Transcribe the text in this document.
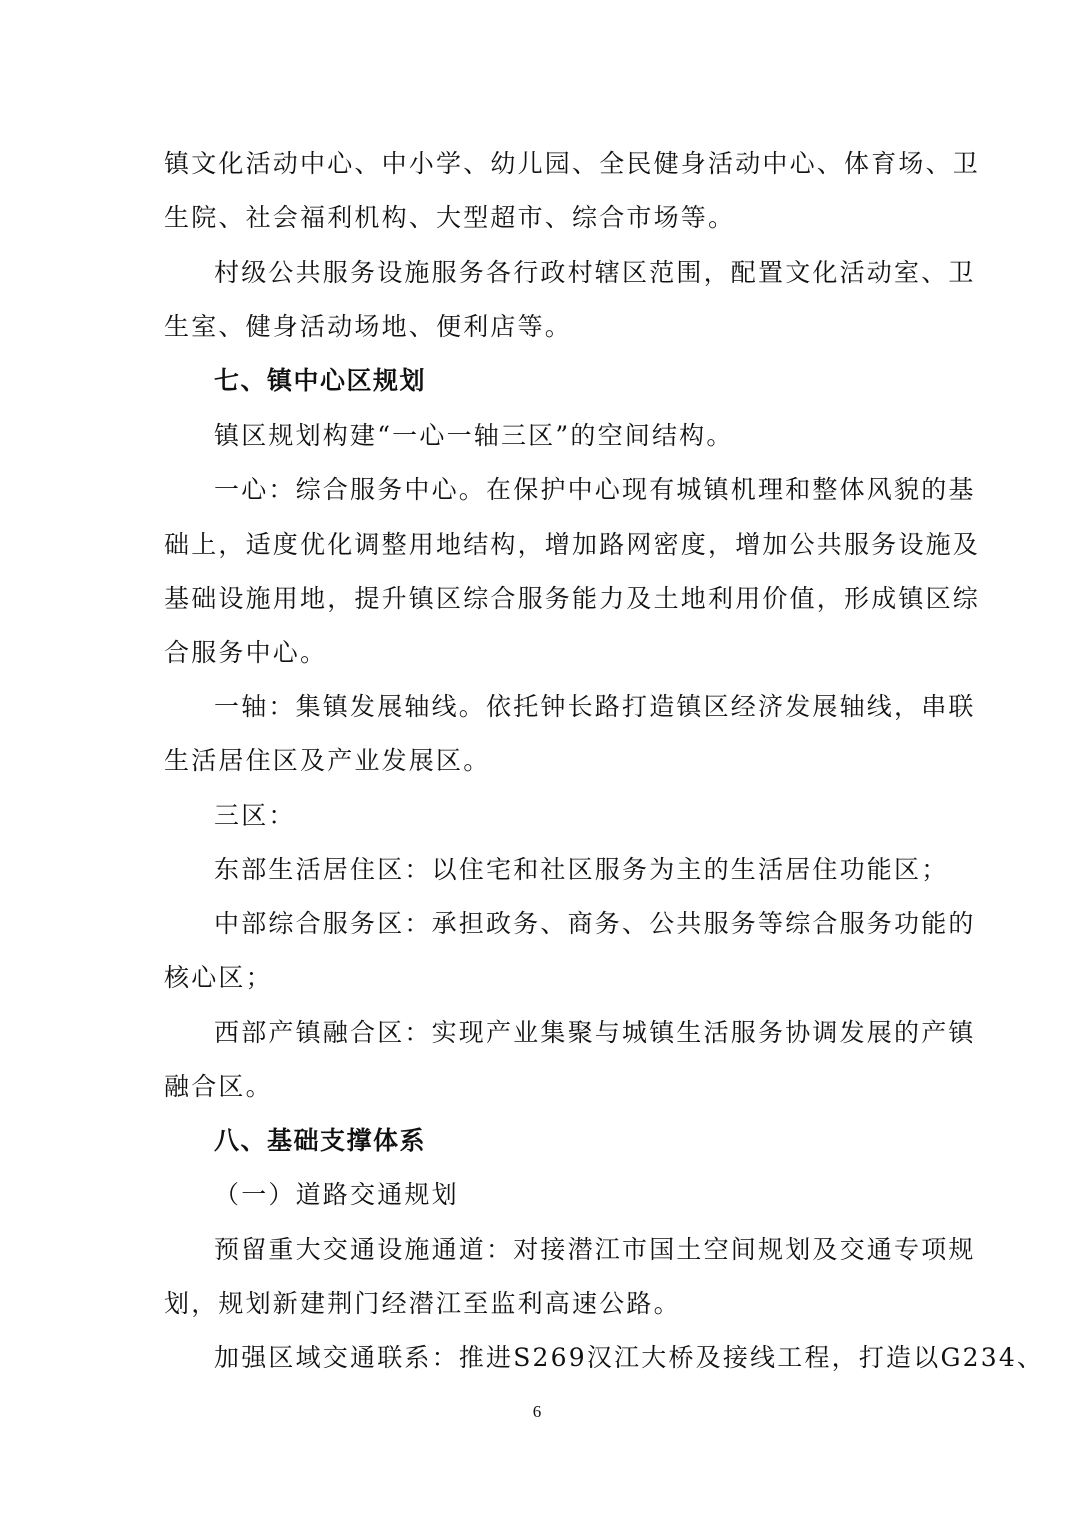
镇文化活动中心、中小学、幼儿园、全民健身活动中心、体育场、卫
生院、社会福利机构、大型超市、综合市场等。
村级公共服务设施服务各行政村辖区范围，配置文化活动室、卫
生室、健身活动场地、便利店等。
七、镇中心区规划
镇区规划构建“一心一轴三区”的空间结构。
一心：综合服务中心。在保护中心现有城镇机理和整体风貌的基
础上，适度优化调整用地结构，增加路网密度，增加公共服务设施及
基础设施用地，提升镇区综合服务能力及土地利用价值，形成镇区综
合服务中心。
一轴：集镇发展轴线。依托钟长路打造镇区经济发展轴线，串联
生活居住区及产业发展区。
三区：
东部生活居住区：以住宅和社区服务为主的生活居住功能区；
中部综合服务区：承担政务、商务、公共服务等综合服务功能的
核心区；
西部产镇融合区：实现产业集聚与城镇生活服务协调发展的产镇
融合区。
八、基础支撑体系
（一）道路交通规划
预留重大交通设施通道：对接潜江市国土空间规划及交通专项规
划，规划新建荆门经潜江至监利高速公路。
加强区域交通联系：推进S269汉江大桥及接线工程，打造以G234、
6
